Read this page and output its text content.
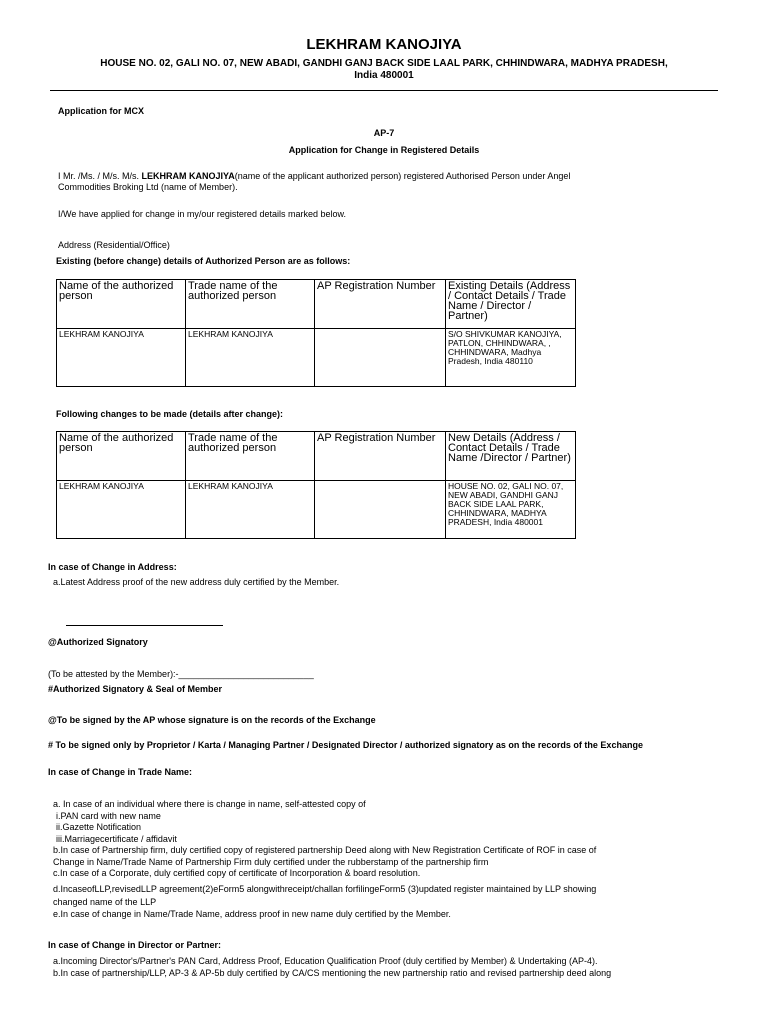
LEKHRAM KANOJIYA
HOUSE NO. 02, GALI NO. 07, NEW ABADI, GANDHI GANJ BACK SIDE LAAL PARK, CHHINDWARA, MADHYA PRADESH,
India 480001
Application for MCX
AP-7
Application for Change in Registered Details
I Mr. /Ms. / M/s. M/s. LEKHRAM KANOJIYA(name of the applicant authorized person) registered Authorised Person under Angel
Commodities Broking Ltd (name of Member).
I/We have applied for change in my/our registered details marked below.
Address (Residential/Office)
Existing (before change) details of Authorized Person are as follows:
Name of the authorized person	Trade name of the authorized person	AP Registration Number	Existing Details (Address / Contact Details / Trade Name / Director / Partner)
LEKHRAM KANOJIYA	LEKHRAM KANOJIYA		S/O SHIVKUMAR KANOJIYA, PATLON, CHHINDWARA, , CHHINDWARA, Madhya Pradesh, India 480110
Following changes to be made (details after change):
Name of the authorized person	Trade name of the authorized person	AP Registration Number	New Details (Address / Contact Details / Trade Name /Director / Partner)
LEKHRAM KANOJIYA	LEKHRAM KANOJIYA		HOUSE NO. 02, GALI NO. 07, NEW ABADI, GANDHI GANJ BACK SIDE LAAL PARK, CHHINDWARA, MADHYA PRADESH, India 480001
In case of Change in Address:
a.Latest Address proof of the new address duly certified by the Member.
@Authorized Signatory
(To be attested by the Member):-___________________________
#Authorized Signatory & Seal of Member
@To be signed by the AP whose signature is on the records of the Exchange
# To be signed only by Proprietor / Karta / Managing Partner / Designated Director / authorized signatory as on the records of the Exchange
In case of Change in Trade Name:
a. In case of an individual where there is change in name, self-attested copy of
i.PAN card with new name
ii.Gazette Notification
iii.Marriagecertificate / affidavit
b.In case of Partnership firm, duly certified copy of registered partnership Deed along with New Registration Certificate of ROF in case of
Change in Name/Trade Name of Partnership Firm duly certified under the rubberstamp of the partnership firm
c.In case of a Corporate, duly certified copy of certificate of Incorporation & board resolution.
d.IncaseofLLP,revisedLLP agreement(2)eForm5 alongwithreceipt/challan forfilingeForm5 (3)updated register maintained by LLP showing
changed name of the LLP
e.In case of change in Name/Trade Name, address proof in new name duly certified by the Member.
In case of Change in Director or Partner:
a.Incoming Director's/Partner's PAN Card, Address Proof, Education Qualification Proof (duly certified by Member) & Undertaking (AP-4).
b.In case of partnership/LLP, AP-3 & AP-5b duly certified by CA/CS mentioning the new partnership ratio and revised partnership deed along
